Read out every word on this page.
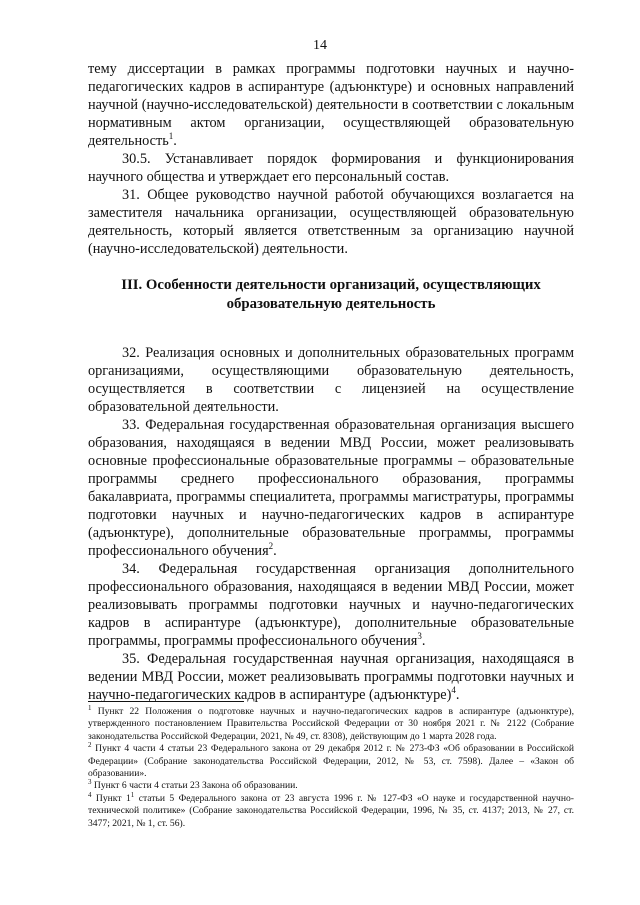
14

тему диссертации в рамках программы подготовки научных и научно-педагогических кадров в аспирантуре (адъюнктуре) и основных направлений научной (научно-исследовательской) деятельности в соответствии с локальным нормативным актом организации, осуществляющей образовательную деятельность$^1$.

30.5. Устанавливает порядок формирования и функционирования научного общества и утверждает его персональный состав.

31. Общее руководство научной работой обучающихся возлагается на заместителя начальника организации, осуществляющей образовательную деятельность, который является ответственным за организацию научной (научно-исследовательской) деятельности.

III. Особенности деятельности организаций, осуществляющих образовательную деятельность

32. Реализация основных и дополнительных образовательных программ организациями, осуществляющими образовательную деятельность, осуществляется в соответствии с лицензией на осуществление образовательной деятельности.

33. Федеральная государственная образовательная организация высшего образования, находящаяся в ведении МВД России, может реализовывать основные профессиональные образовательные программы – образовательные программы среднего профессионального образования, программы бакалавриата, программы специалитета, программы магистратуры, программы подготовки научных и научно-педагогических кадров в аспирантуре (адъюнктуре), дополнительные образовательные программы, программы профессионального обучения$^2$.

34. Федеральная государственная организация дополнительного профессионального образования, находящаяся в ведении МВД России, может реализовывать программы подготовки научных и научно-педагогических кадров в аспирантуре (адъюнктуре), дополнительные образовательные программы, программы профессионального обучения$^3$.

35. Федеральная государственная научная организация, находящаяся в ведении МВД России, может реализовывать программы подготовки научных и научно-педагогических кадров в аспирантуре (адъюнктуре)$^4$.

$^1$ Пункт 22 Положения о подготовке научных и научно-педагогических кадров в аспирантуре (адъюнктуре), утвержденного постановлением Правительства Российской Федерации от 30 ноября 2021 г. № 2122 (Собрание законодательства Российской Федерации, 2021, № 49, ст. 8308), действующим до 1 марта 2028 года.

$^2$ Пункт 4 части 4 статьи 23 Федерального закона от 29 декабря 2012 г. № 273-ФЗ «Об образовании в Российской Федерации» (Собрание законодательства Российской Федерации, 2012, № 53, ст. 7598). Далее – «Закон об образовании».

$^3$ Пункт 6 части 4 статьи 23 Закона об образовании.

$^4$ Пункт 1$^1$ статьи 5 Федерального закона от 23 августа 1996 г. № 127-ФЗ «О науке и государственной научно-технической политике» (Собрание законодательства Российской Федерации, 1996, № 35, ст. 4137; 2013, № 27, ст. 3477; 2021, № 1, ст. 56).
